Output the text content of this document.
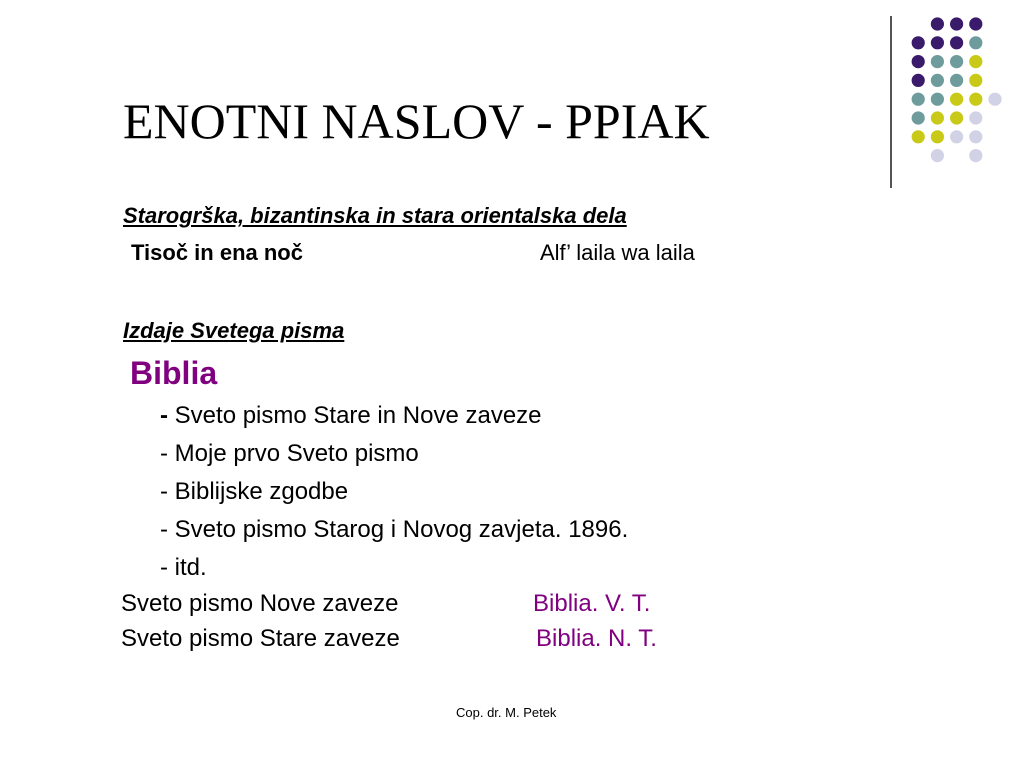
ENOTNI NASLOV - PPIAK
Starogrška, bizantinska in stara orientalska dela
Tisoč in ena noč	Alf’ laila wa laila
Izdaje Svetega pisma
Biblia
- Sveto pismo Stare in Nove zaveze
- Moje prvo Sveto pismo
- Biblijske zgodbe
- Sveto pismo Starog i Novog zavjeta. 1896.
- itd.
Sveto pismo Nove zaveze	Biblia. V. T.
Sveto pismo Stare zaveze	Biblia. N. T.
Cop. dr. M. Petek
